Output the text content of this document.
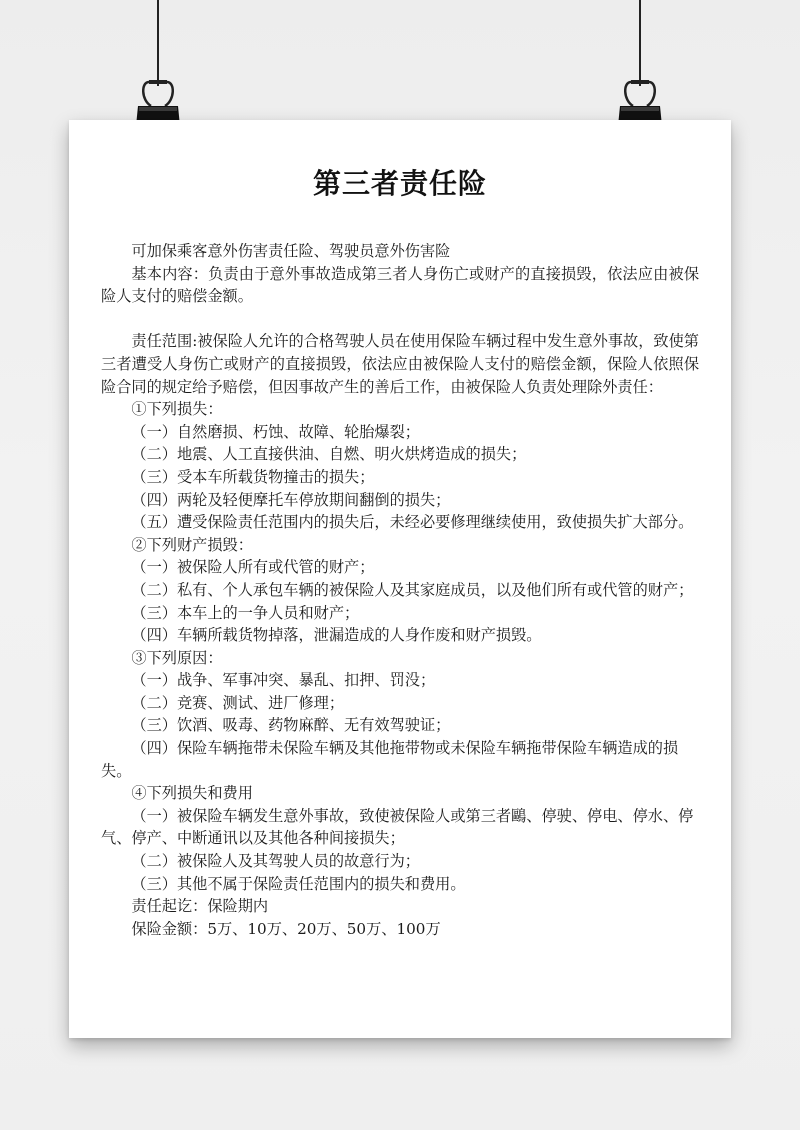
第三者责任险

可加保乘客意外伤害责任险、驾驶员意外伤害险

基本内容：负责由于意外事故造成第三者人身伤亡或财产的直接损毁，依法应由被保险人支付的赔偿金额。

责任范围:被保险人允许的合格驾驶人员在使用保险车辆过程中发生意外事故，致使第三者遭受人身伤亡或财产的直接损毁，依法应由被保险人支付的赔偿金额，保险人依照保险合同的规定给予赔偿，但因事故产生的善后工作，由被保险人负责处理除外责任：

①下列损失：

（一）自然磨损、朽蚀、故障、轮胎爆裂；

（二）地震、人工直接供油、自燃、明火烘烤造成的损失；

（三）受本车所载货物撞击的损失；

（四）两轮及轻便摩托车停放期间翻倒的损失；

（五）遭受保险责任范围内的损失后，未经必要修理继续使用，致使损失扩大部分。

②下列财产损毁：

（一）被保险人所有或代管的财产；

（二）私有、个人承包车辆的被保险人及其家庭成员，以及他们所有或代管的财产；

（三）本车上的一争人员和财产；

（四）车辆所载货物掉落，泄漏造成的人身作废和财产损毁。

③下列原因：

（一）战争、军事冲突、暴乱、扣押、罚没；

（二）竞赛、测试、进厂修理；

（三）饮酒、吸毒、药物麻醉、无有效驾驶证；

（四）保险车辆拖带未保险车辆及其他拖带物或未保险车辆拖带保险车辆造成的损失。

④下列损失和费用

（一）被保险车辆发生意外事故，致使被保险人或第三者鷗、停驶、停电、停水、停气、停产、中断通讯以及其他各种间接损失；

（二）被保险人及其驾驶人员的故意行为；

（三）其他不属于保险责任范围内的损失和费用。

责任起讫：保险期内

保险金额：5万、10万、20万、50万、100万
